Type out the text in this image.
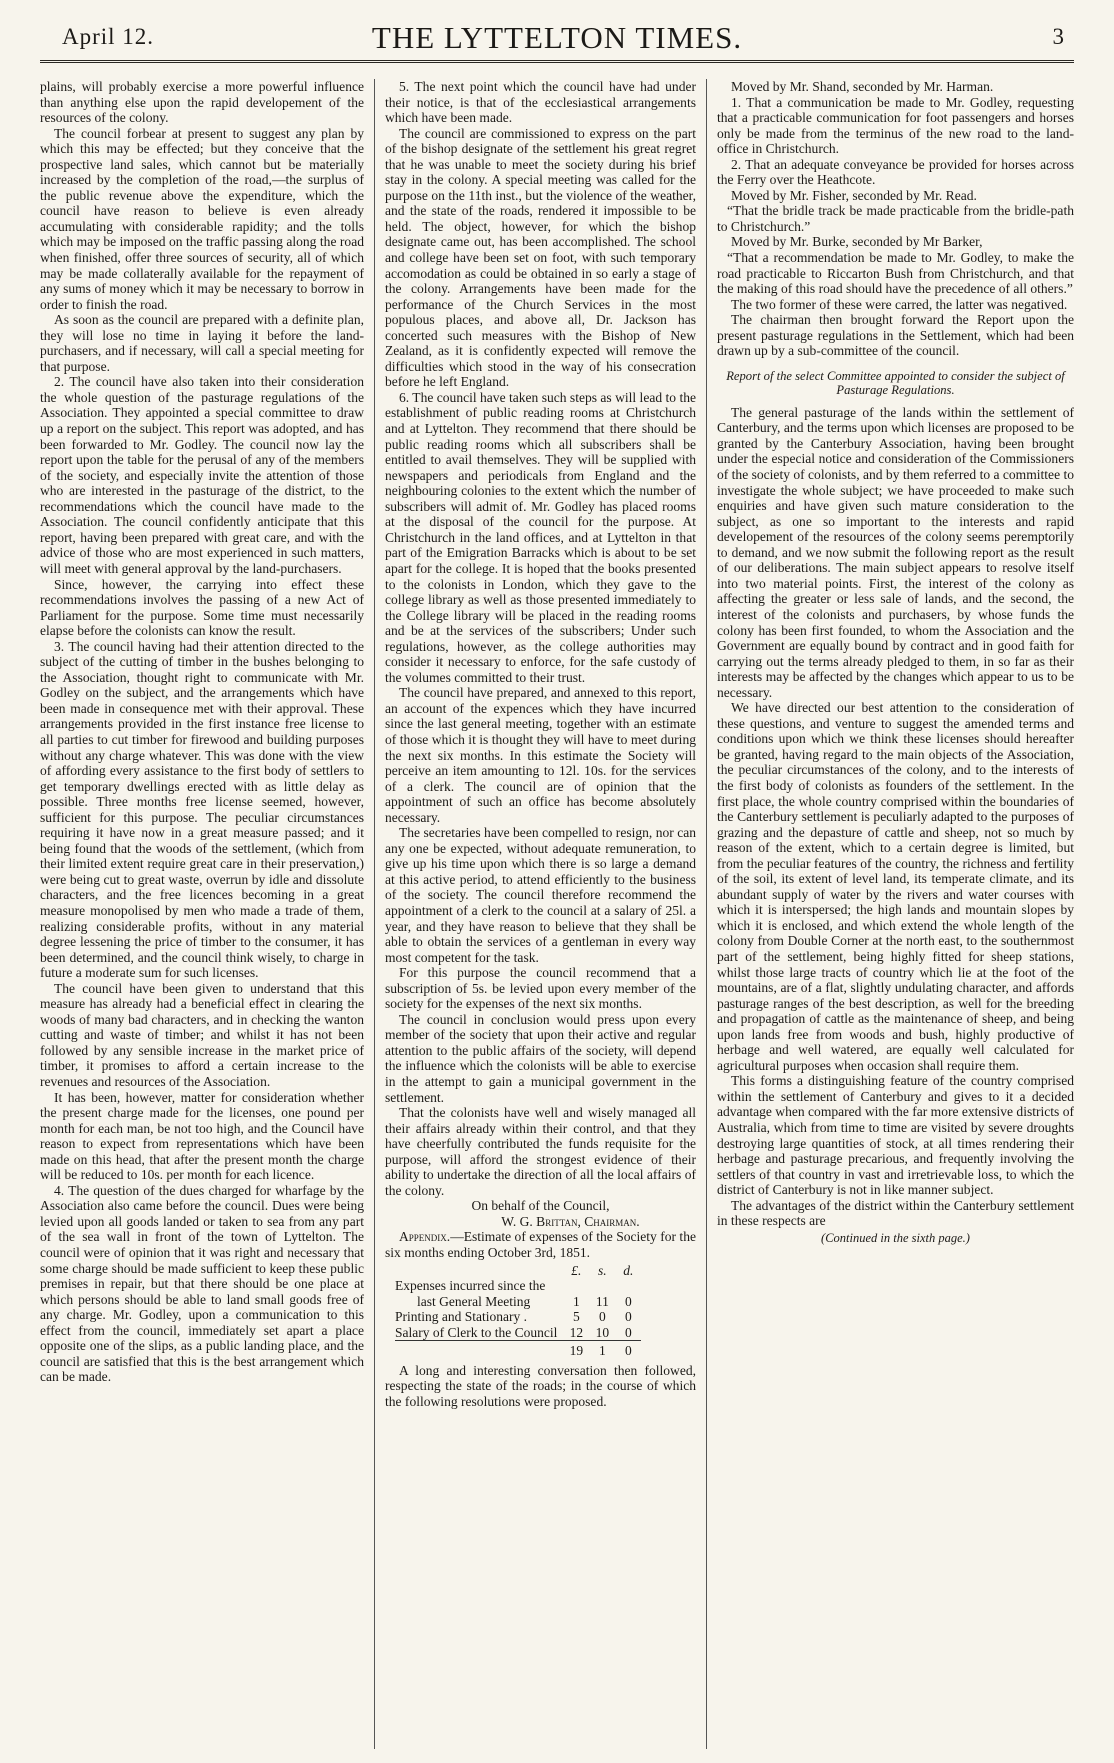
April 12.	THE LYTTELTON TIMES.	3

plains, will probably exercise a more powerful influence than anything else upon the rapid developement of the resources of the colony.

The council forbear at present to suggest any plan by which this may be effected; but they conceive that the prospective land sales, which cannot but be materially increased by the completion of the road,—the surplus of the public revenue above the expenditure, which the council have reason to believe is even already accumulating with considerable rapidity; and the tolls which may be imposed on the traffic passing along the road when finished, offer three sources of security, all of which may be made collaterally available for the repayment of any sums of money which it may be necessary to borrow in order to finish the road.

As soon as the council are prepared with a definite plan, they will lose no time in laying it before the land-purchasers, and if necessary, will call a special meeting for that purpose.

2. The council have also taken into their consideration the whole question of the pasturage regulations of the Association. They appointed a special committee to draw up a report on the subject. This report was adopted, and has been forwarded to Mr. Godley. The council now lay the report upon the table for the perusal of any of the members of the society, and especially invite the attention of those who are interested in the pasturage of the district, to the recommendations which the council have made to the Association. The council confidently anticipate that this report, having been prepared with great care, and with the advice of those who are most experienced in such matters, will meet with general approval by the land-purchasers.

Since, however, the carrying into effect these recommendations involves the passing of a new Act of Parliament for the purpose. Some time must necessarily elapse before the colonists can know the result.

3. The council having had their attention directed to the subject of the cutting of timber in the bushes belonging to the Association, thought right to communicate with Mr. Godley on the subject, and the arrangements which have been made in consequence met with their approval. These arrangements provided in the first instance free license to all parties to cut timber for firewood and building purposes without any charge whatever. This was done with the view of affording every assistance to the first body of settlers to get temporary dwellings erected with as little delay as possible. Three months free license seemed, however, sufficient for this purpose. The peculiar circumstances requiring it have now in a great measure passed; and it being found that the woods of the settlement, (which from their limited extent require great care in their preservation,) were being cut to great waste, overrun by idle and dissolute characters, and the free licences becoming in a great measure monopolised by men who made a trade of them, realizing considerable profits, without in any material degree lessening the price of timber to the consumer, it has been determined, and the council think wisely, to charge in future a moderate sum for such licenses.

The council have been given to understand that this measure has already had a beneficial effect in clearing the woods of many bad characters, and in checking the wanton cutting and waste of timber; and whilst it has not been followed by any sensible increase in the market price of timber, it promises to afford a certain increase to the revenues and resources of the Association.

It has been, however, matter for consideration whether the present charge made for the licenses, one pound per month for each man, be not too high, and the Council have reason to expect from representations which have been made on this head, that after the present month the charge will be reduced to 10s. per month for each licence.

4. The question of the dues charged for wharfage by the Association also came before the council. Dues were being levied upon all goods landed or taken to sea from any part of the sea wall in front of the town of Lyttelton. The council were of opinion that it was right and necessary that some charge should be made sufficient to keep these public premises in repair, but that there should be one place at which persons should be able to land small goods free of any charge. Mr. Godley, upon a communication to this effect from the council, immediately set apart a place opposite one of the slips, as a public landing place, and the council are satisfied that this is the best arrangement which can be made.

5. The next point which the council have had under their notice, is that of the ecclesiastical arrangements which have been made.

The council are commissioned to express on the part of the bishop designate of the settlement his great regret that he was unable to meet the society during his brief stay in the colony. A special meeting was called for the purpose on the 11th inst., but the violence of the weather, and the state of the roads, rendered it impossible to be held. The object, however, for which the bishop designate came out, has been accomplished. The school and college have been set on foot, with such temporary accomodation as could be obtained in so early a stage of the colony. Arrangements have been made for the performance of the Church Services in the most populous places, and above all, Dr. Jackson has concerted such measures with the Bishop of New Zealand, as it is confidently expected will remove the difficulties which stood in the way of his consecration before he left England.

6. The council have taken such steps as will lead to the establishment of public reading rooms at Christchurch and at Lyttelton. They recommend that there should be public reading rooms which all subscribers shall be entitled to avail themselves. They will be supplied with newspapers and periodicals from England and the neighbouring colonies to the extent which the number of subscribers will admit of. Mr. Godley has placed rooms at the disposal of the council for the purpose. At Christchurch in the land offices, and at Lyttelton in that part of the Emigration Barracks which is about to be set apart for the college. It is hoped that the books presented to the colonists in London, which they gave to the college library as well as those presented immediately to the College library will be placed in the reading rooms and be at the services of the subscribers; Under such regulations, however, as the college authorities may consider it necessary to enforce, for the safe custody of the volumes committed to their trust.

The council have prepared, and annexed to this report, an account of the expences which they have incurred since the last general meeting, together with an estimate of those which it is thought they will have to meet during the next six months. In this estimate the Society will perceive an item amounting to 12l. 10s. for the services of a clerk. The council are of opinion that the appointment of such an office has become absolutely necessary.

The secretaries have been compelled to resign, nor can any one be expected, without adequate remuneration, to give up his time upon which there is so large a demand at this active period, to attend efficiently to the business of the society. The council therefore recommend the appointment of a clerk to the council at a salary of 25l. a year, and they have reason to believe that they shall be able to obtain the services of a gentleman in every way most competent for the task.

For this purpose the council recommend that a subscription of 5s. be levied upon every member of the society for the expenses of the next six months.

The council in conclusion would press upon every member of the society that upon their active and regular attention to the public affairs of the society, will depend the influence which the colonists will be able to exercise in the attempt to gain a municipal government in the settlement.

That the colonists have well and wisely managed all their affairs already within their control, and that they have cheerfully contributed the funds requisite for the purpose, will afford the strongest evidence of their ability to undertake the direction of all the local affairs of the colony.

On behalf of the Council,
W. G. Brittan, Chairman.

Appendix.—Estimate of expenses of the Society for the six months ending October 3rd, 1851.

	£.	s.	d.
Expenses incurred since the			
last General Meeting	1	11	0
Printing and Stationary .	5	0	0
Salary of Clerk to the Council	12	10	0
	19	1	0

A long and interesting conversation then followed, respecting the state of the roads; in the course of which the following resolutions were proposed.

Moved by Mr. Shand, seconded by Mr. Harman.

1. That a communication be made to Mr. Godley, requesting that a practicable communication for foot passengers and horses only be made from the terminus of the new road to the land-office in Christchurch.

2. That an adequate conveyance be provided for horses across the Ferry over the Heathcote.

Moved by Mr. Fisher, seconded by Mr. Read.

“That the bridle track be made practicable from the bridle-path to Christchurch.”

Moved by Mr. Burke, seconded by Mr Barker,

“That a recommendation be made to Mr. Godley, to make the road practicable to Riccarton Bush from Christchurch, and that the making of this road should have the precedence of all others.”

The two former of these were carred, the latter was negatived.

The chairman then brought forward the Report upon the present pasturage regulations in the Settlement, which had been drawn up by a sub-committee of the council.

Report of the select Committee appointed to consider the subject of Pasturage Regulations.

The general pasturage of the lands within the settlement of Canterbury, and the terms upon which licenses are proposed to be granted by the Canterbury Association, having been brought under the especial notice and consideration of the Commissioners of the society of colonists, and by them referred to a committee to investigate the whole subject; we have proceeded to make such enquiries and have given such mature consideration to the subject, as one so important to the interests and rapid developement of the resources of the colony seems peremptorily to demand, and we now submit the following report as the result of our deliberations. The main subject appears to resolve itself into two material points. First, the interest of the colony as affecting the greater or less sale of lands, and the second, the interest of the colonists and purchasers, by whose funds the colony has been first founded, to whom the Association and the Government are equally bound by contract and in good faith for carrying out the terms already pledged to them, in so far as their interests may be affected by the changes which appear to us to be necessary.

We have directed our best attention to the consideration of these questions, and venture to suggest the amended terms and conditions upon which we think these licenses should hereafter be granted, having regard to the main objects of the Association, the peculiar circumstances of the colony, and to the interests of the first body of colonists as founders of the settlement. In the first place, the whole country comprised within the boundaries of the Canterbury settlement is peculiarly adapted to the purposes of grazing and the depasture of cattle and sheep, not so much by reason of the extent, which to a certain degree is limited, but from the peculiar features of the country, the richness and fertility of the soil, its extent of level land, its temperate climate, and its abundant supply of water by the rivers and water courses with which it is interspersed; the high lands and mountain slopes by which it is enclosed, and which extend the whole length of the colony from Double Corner at the north east, to the southernmost part of the settlement, being highly fitted for sheep stations, whilst those large tracts of country which lie at the foot of the mountains, are of a flat, slightly undulating character, and affords pasturage ranges of the best description, as well for the breeding and propagation of cattle as the maintenance of sheep, and being upon lands free from woods and bush, highly productive of herbage and well watered, are equally well calculated for agricultural purposes when occasion shall require them.

This forms a distinguishing feature of the country comprised within the settlement of Canterbury and gives to it a decided advantage when compared with the far more extensive districts of Australia, which from time to time are visited by severe droughts destroying large quantities of stock, at all times rendering their herbage and pasturage precarious, and frequently involving the settlers of that country in vast and irretrievable loss, to which the district of Canterbury is not in like manner subject.

The advantages of the district within the Canterbury settlement in these respects are

(Continued in the sixth page.)
